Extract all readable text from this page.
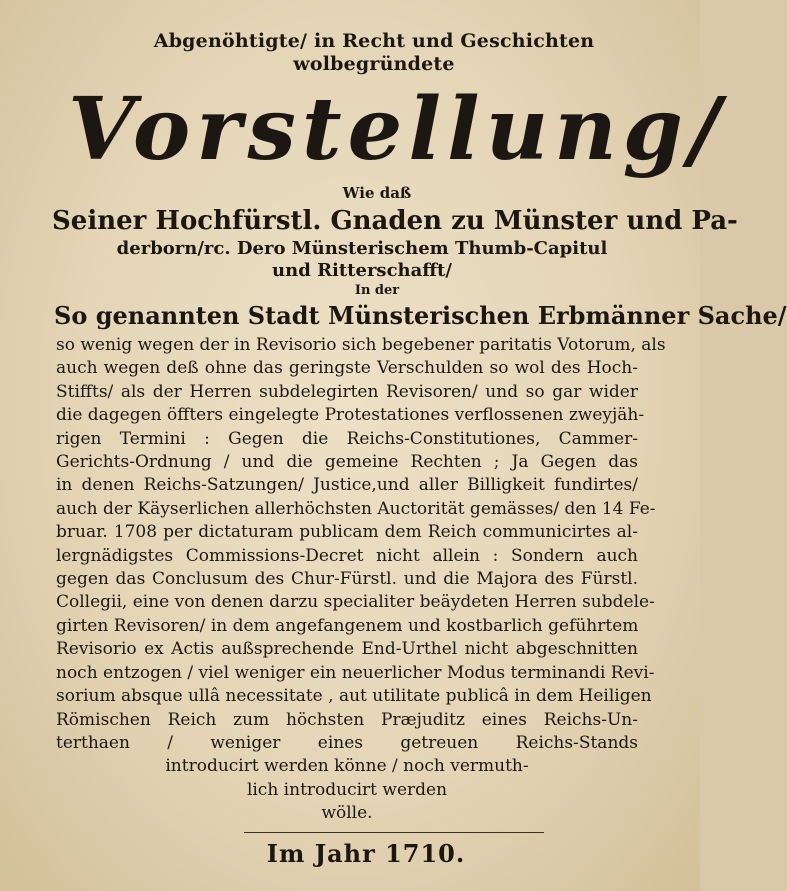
Abgenöhtigte/ in Recht und Geschichten
wolbegründete
Vorstellung/
Wie daß
Seiner Hochfürstl. Gnaden zu Münster und Pa-
derborn/rc. Dero Münsterischem Thumb-Capitul
und Ritterschafft/
In der
So genannten Stadt Münsterischen Erbmänner Sache/
so wenig wegen der in Revisorio sich begebener paritatis Votorum, als
auch wegen deß ohne das geringste Verschulden so wol des Hoch-
Stiffts/ als der Herren subdelegirten Revisoren/ und so gar wider
die dagegen öffters eingelegte Protestationes verflossenen zweyjäh-
rigen Termini : Gegen die Reichs-Constitutiones, Cammer-
Gerichts-Ordnung / und die gemeine Rechten ; Ja Gegen das
in denen Reichs-Satzungen/ Justice,und aller Billigkeit fundirtes/
auch der Käyserlichen allerhöchsten Auctorität gemässes/ den 14 Fe-
bruar. 1708 per dictaturam publicam dem Reich communicirtes al-
lergnädigstes Commissions-Decret nicht allein : Sondern auch
gegen das Conclusum des Chur-Fürstl. und die Majora des Fürstl.
Collegii, eine von denen darzu specialiter beäydeten Herren subdele-
girten Revisoren/ in dem angefangenem und kostbarlich geführtem
Revisorio ex Actis außsprechende End-Urthel nicht abgeschnitten
noch entzogen / viel weniger ein neuerlicher Modus terminandi Revi-
sorium absque ullâ necessitate , aut utilitate publicâ in dem Heiligen
Römischen Reich zum höchsten Præjuditz eines Reichs-Un-
terthaen / weniger eines getreuen Reichs-Stands
introducirt werden könne / noch vermuth-
lich introducirt werden
wölle.
Im Jahr 1710.
